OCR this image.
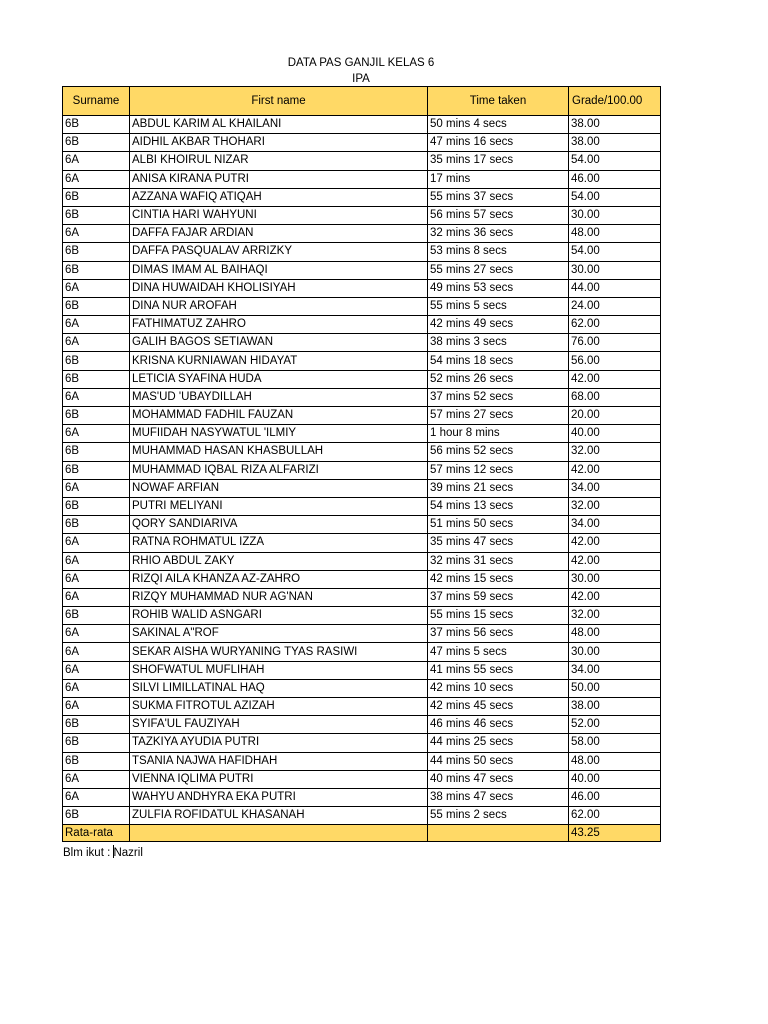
DATA PAS GANJIL KELAS 6
IPA
Surname	First name	Time taken	Grade/100.00
6B	ABDUL KARIM AL KHAILANI	50 mins 4 secs	38.00
6B	AIDHIL AKBAR THOHARI	47 mins 16 secs	38.00
6A	ALBI KHOIRUL NIZAR	35 mins 17 secs	54.00
6A	ANISA KIRANA PUTRI	17 mins	46.00
6B	AZZANA WAFIQ ATIQAH	55 mins 37 secs	54.00
6B	CINTIA HARI WAHYUNI	56 mins 57 secs	30.00
6A	DAFFA FAJAR ARDIAN	32 mins 36 secs	48.00
6B	DAFFA PASQUALAV ARRIZKY	53 mins 8 secs	54.00
6B	DIMAS IMAM AL BAIHAQI	55 mins 27 secs	30.00
6A	DINA HUWAIDAH KHOLISIYAH	49 mins 53 secs	44.00
6B	DINA NUR AROFAH	55 mins 5 secs	24.00
6A	FATHIMATUZ ZAHRO	42 mins 49 secs	62.00
6A	GALIH BAGOS SETIAWAN	38 mins 3 secs	76.00
6B	KRISNA KURNIAWAN HIDAYAT	54 mins 18 secs	56.00
6B	LETICIA SYAFINA HUDA	52 mins 26 secs	42.00
6A	MAS'UD 'UBAYDILLAH	37 mins 52 secs	68.00
6B	MOHAMMAD FADHIL FAUZAN	57 mins 27 secs	20.00
6A	MUFIIDAH NASYWATUL 'ILMIY	1 hour 8 mins	40.00
6B	MUHAMMAD HASAN KHASBULLAH	56 mins 52 secs	32.00
6B	MUHAMMAD IQBAL RIZA ALFARIZI	57 mins 12 secs	42.00
6A	NOWAF ARFIAN	39 mins 21 secs	34.00
6B	PUTRI MELIYANI	54 mins 13 secs	32.00
6B	QORY SANDIARIVA	51 mins 50 secs	34.00
6A	RATNA ROHMATUL IZZA	35 mins 47 secs	42.00
6A	RHIO ABDUL ZAKY	32 mins 31 secs	42.00
6A	RIZQI AILA KHANZA AZ-ZAHRO	42 mins 15 secs	30.00
6A	RIZQY MUHAMMAD NUR AG'NAN	37 mins 59 secs	42.00
6B	ROHIB WALID ASNGARI	55 mins 15 secs	32.00
6A	SAKINAL A"ROF	37 mins 56 secs	48.00
6A	SEKAR AISHA WURYANING TYAS RASIWI	47 mins 5 secs	30.00
6A	SHOFWATUL MUFLIHAH	41 mins 55 secs	34.00
6A	SILVI LIMILLATINAL HAQ	42 mins 10 secs	50.00
6A	SUKMA FITROTUL AZIZAH	42 mins 45 secs	38.00
6B	SYIFA'UL FAUZIYAH	46 mins 46 secs	52.00
6B	TAZKIYA AYUDIA PUTRI	44 mins 25 secs	58.00
6B	TSANIA NAJWA HAFIDHAH	44 mins 50 secs	48.00
6A	VIENNA IQLIMA PUTRI	40 mins 47 secs	40.00
6A	WAHYU ANDHYRA EKA PUTRI	38 mins 47 secs	46.00
6B	ZULFIA ROFIDATUL KHASANAH	55 mins 2 secs	62.00
Rata-rata			43.25
Blm ikut : Nazril
